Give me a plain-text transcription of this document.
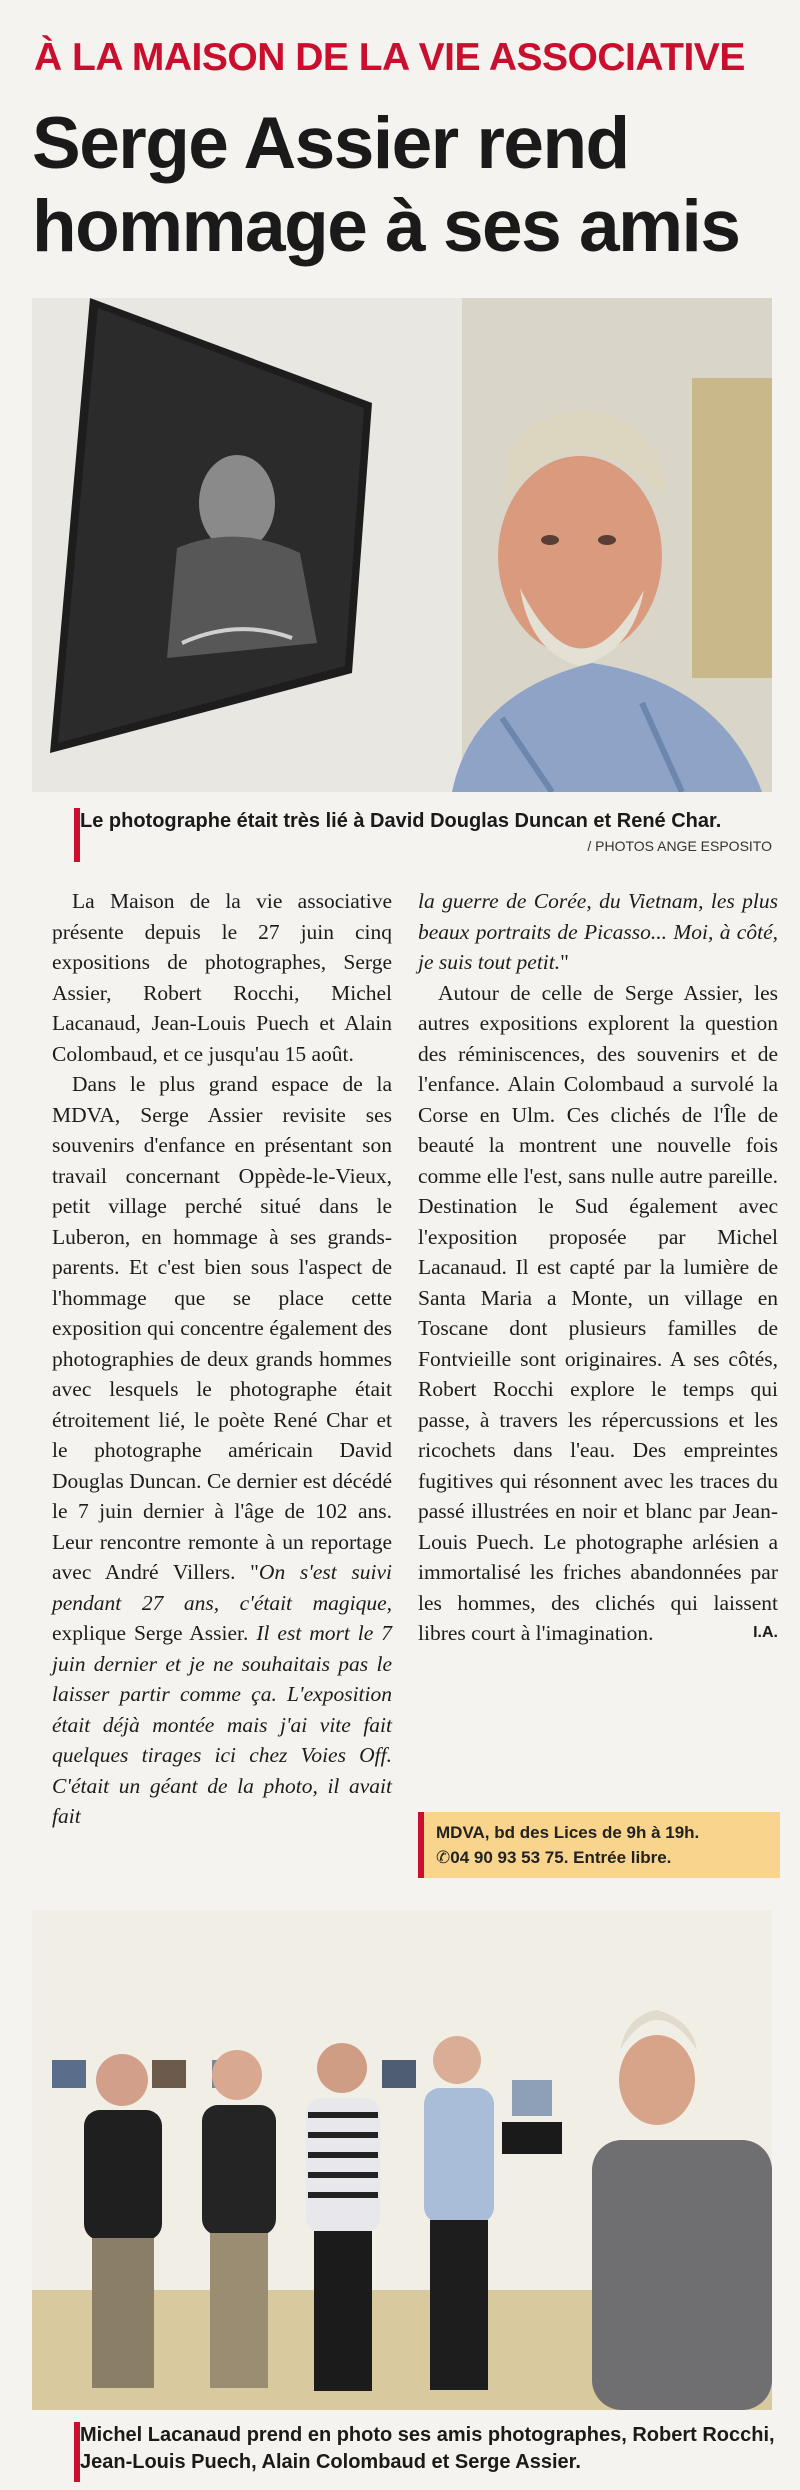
À LA MAISON DE LA VIE ASSOCIATIVE
Serge Assier rend hommage à ses amis
Le photographe était très lié à David Douglas Duncan et René Char.
/ PHOTOS ANGE ESPOSITO

La Maison de la vie associative présente depuis le 27 juin cinq expositions de photographes, Serge Assier, Robert Rocchi, Michel Lacanaud, Jean-Louis Puech et Alain Colombaud, et ce jusqu'au 15 août.

Dans le plus grand espace de la MDVA, Serge Assier revisite ses souvenirs d'enfance en présentant son travail concernant Oppède-le-Vieux, petit village perché situé dans le Luberon, en hommage à ses grands-parents. Et c'est bien sous l'aspect de l'hommage que se place cette exposition qui concentre également des photographies de deux grands hommes avec lesquels le photographe était étroitement lié, le poète René Char et le photographe américain David Douglas Duncan. Ce dernier est décédé le 7 juin dernier à l'âge de 102 ans. Leur rencontre remonte à un reportage avec André Villers. "On s'est suivi pendant 27 ans, c'était magique, explique Serge Assier. Il est mort le 7 juin dernier et je ne souhaitais pas le laisser partir comme ça. L'exposition était déjà montée mais j'ai vite fait quelques tirages ici chez Voies Off. C'était un géant de la photo, il avait fait

la guerre de Corée, du Vietnam, les plus beaux portraits de Picasso... Moi, à côté, je suis tout petit."

Autour de celle de Serge Assier, les autres expositions explorent la question des réminiscences, des souvenirs et de l'enfance. Alain Colombaud a survolé la Corse en Ulm. Ces clichés de l'Île de beauté la montrent une nouvelle fois comme elle l'est, sans nulle autre pareille. Destination le Sud également avec l'exposition proposée par Michel Lacanaud. Il est capté par la lumière de Santa Maria a Monte, un village en Toscane dont plusieurs familles de Fontvieille sont originaires. A ses côtés, Robert Rocchi explore le temps qui passe, à travers les répercussions et les ricochets dans l'eau. Des empreintes fugitives qui résonnent avec les traces du passé illustrées en noir et blanc par Jean-Louis Puech. Le photographe arlésien a immortalisé les friches abandonnées par les hommes, des clichés qui laissent libres court à l'imagination.	I.A.

MDVA, bd des Lices de 9h à 19h.
✆04 90 93 53 75. Entrée libre.
Michel Lacanaud prend en photo ses amis photographes, Robert Rocchi, Jean-Louis Puech, Alain Colombaud et Serge Assier.
